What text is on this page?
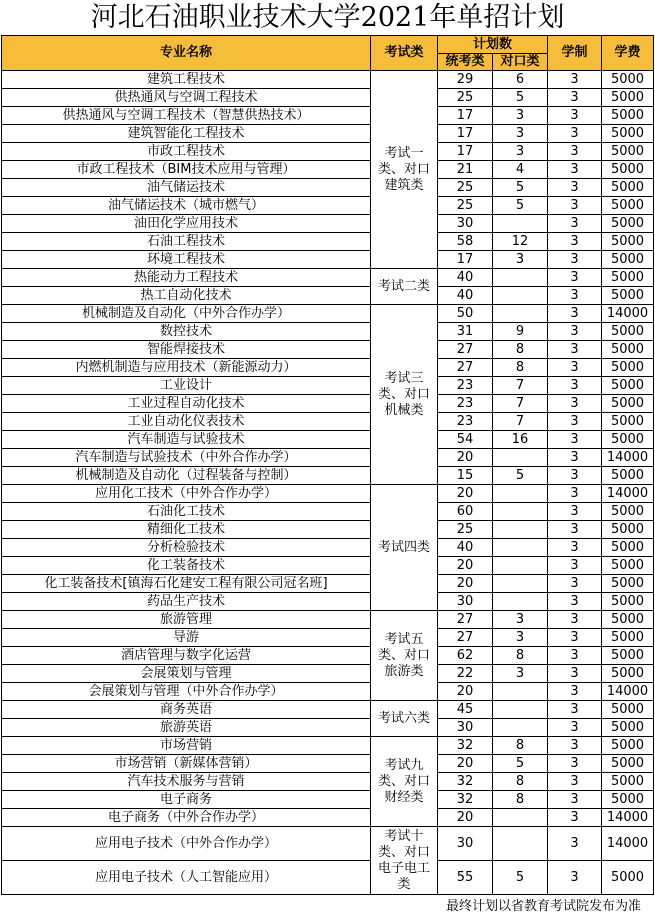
河北石油职业技术大学2021年单招计划
专业名称	考试类	计划数		学制	学费
		统考类	对口类		
建筑工程技术	考试一类、对口建筑类	29	6	3	5000
供热通风与空调工程技术		25	5	3	5000
供热通风与空调工程技术（智慧供热技术）		17	3	3	5000
建筑智能化工程技术		17	3	3	5000
市政工程技术		17	3	3	5000
市政工程技术（BIM技术应用与管理）		21	4	3	5000
油气储运技术		25	5	3	5000
油气储运技术（城市燃气）		25	5	3	5000
油田化学应用技术		30		3	5000
石油工程技术		58	12	3	5000
环境工程技术		17	3	3	5000
热能动力工程技术	考试二类	40		3	5000
热工自动化技术		40		3	5000
机械制造及自动化（中外合作办学）	考试三类、对口机械类	50		3	14000
数控技术		31	9	3	5000
智能焊接技术		27	8	3	5000
内燃机制造与应用技术（新能源动力）		27	8	3	5000
工业设计		23	7	3	5000
工业过程自动化技术		23	7	3	5000
工业自动化仪表技术		23	7	3	5000
汽车制造与试验技术		54	16	3	5000
汽车制造与试验技术（中外合作办学）		20		3	14000
机械制造及自动化（过程装备与控制）		15	5	3	5000
应用化工技术（中外合作办学）	考试四类	20		3	14000
石油化工技术		60		3	5000
精细化工技术		25		3	5000
分析检验技术		40		3	5000
化工装备技术		20		3	5000
化工装备技术[镇海石化建安工程有限公司冠名班]		20		3	5000
药品生产技术		30		3	5000
旅游管理	考试五类、对口旅游类	27	3	3	5000
导游		27	3	3	5000
酒店管理与数字化运营		62	8	3	5000
会展策划与管理		22	3	3	5000
会展策划与管理（中外合作办学）		20		3	14000
商务英语	考试六类	45		3	5000
旅游英语		30		3	5000
市场营销	考试九类、对口财经类	32	8	3	5000
市场营销（新媒体营销）		20	5	3	5000
汽车技术服务与营销		32	8	3	5000
电子商务		32	8	3	5000
电子商务（中外合作办学）		20		3	14000
应用电子技术（中外合作办学）	考试十类、对口电子电工类	30		3	14000
应用电子技术（人工智能应用）		55	5	3	5000
最终计划以省教育考试院发布为准
